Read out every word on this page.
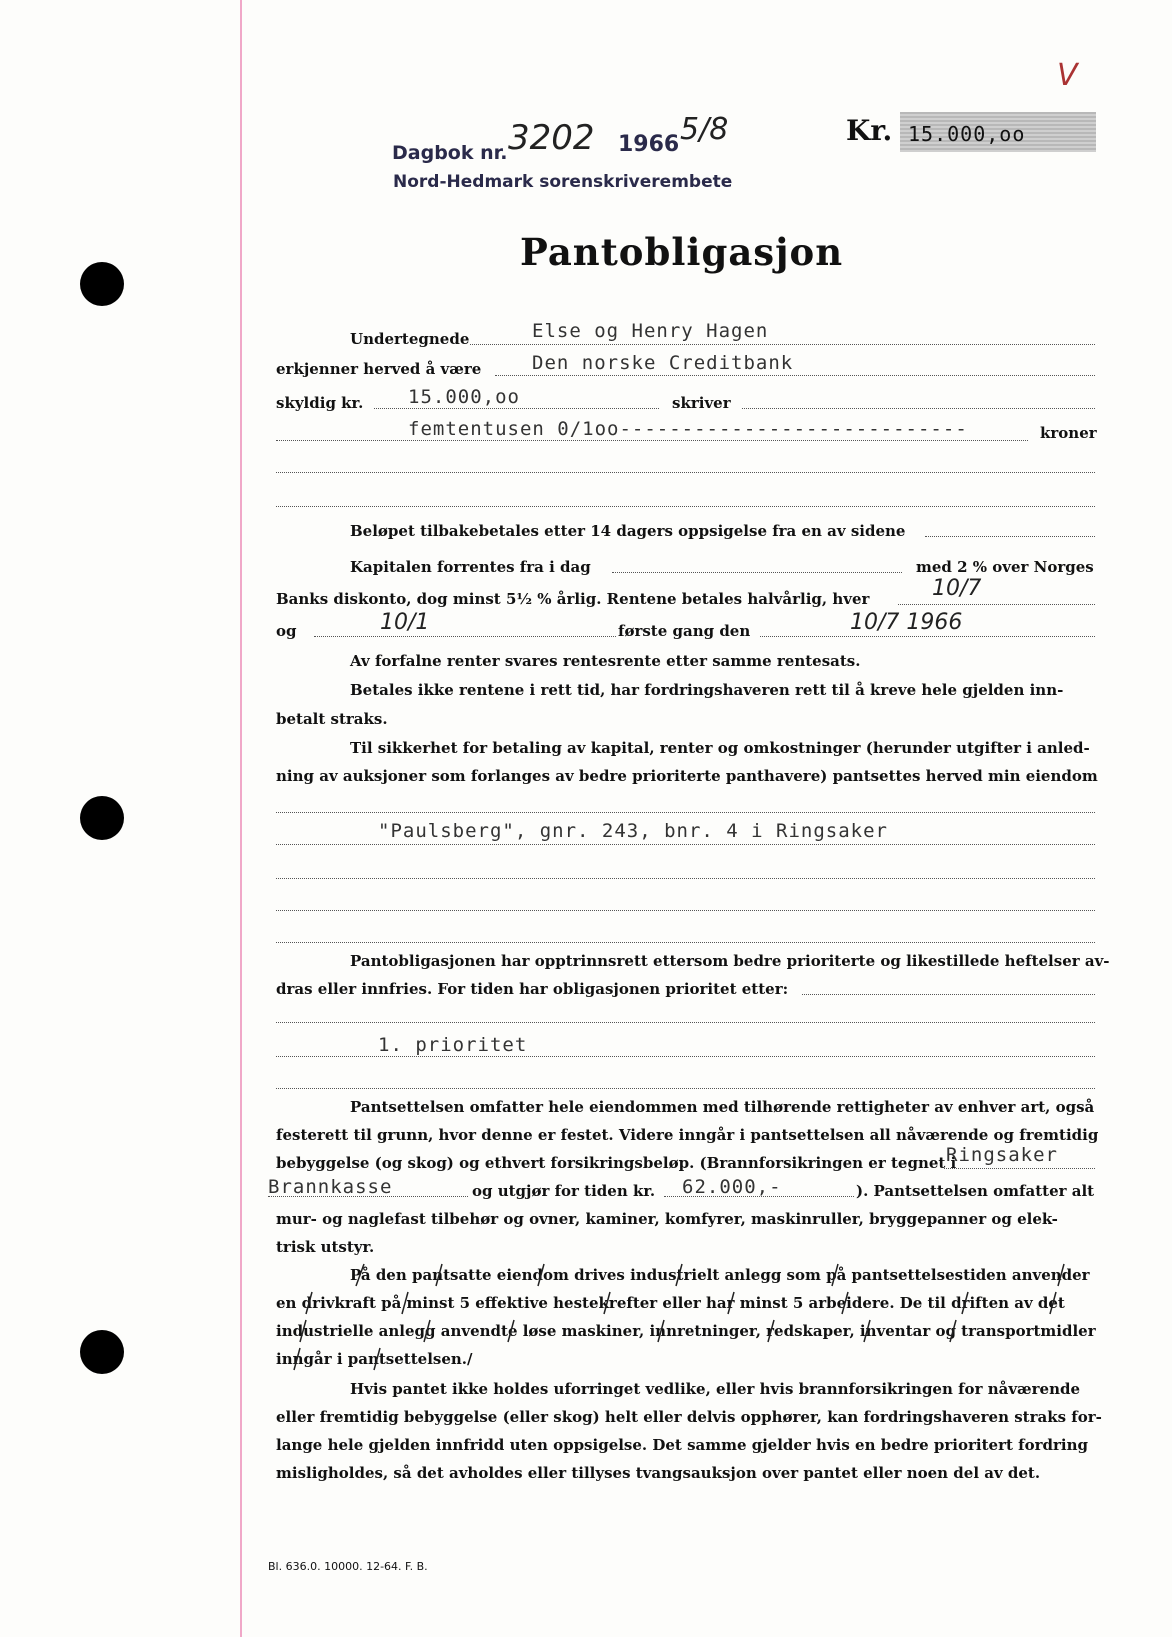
V
Dagbok nr. 3202 1966 5/8
Nord-Hedmark sorenskriverembete
Kr. 15.000,oo
Pantobligasjon
Undertegnede	Else og Henry Hagen
erkjenner herved å være	Den norske Creditbank
skyldig kr. 15.000,oo	skriver
femtentusen 0/1oo----------------------------	kroner
Beløpet tilbakebetales etter 14 dagers oppsigelse fra en av sidene
Kapitalen forrentes fra i dag	med 2 % over Norges
Banks diskonto, dog minst 5½ % årlig. Rentene betales halvårlig, hver	10/7
og	10/1	første gang den	10/7 1966
Av forfalne renter svares rentesrente etter samme rentesats.
Betales ikke rentene i rett tid, har fordringshaveren rett til å kreve hele gjelden inn-
betalt straks.
Til sikkerhet for betaling av kapital, renter og omkostninger (herunder utgifter i anled-
ning av auksjoner som forlanges av bedre prioriterte panthavere) pantsettes herved min eiendom
"Paulsberg", gnr. 243, bnr. 4 i Ringsaker
Pantobligasjonen har opptrinnsrett ettersom bedre prioriterte og likestillede heftelser av-
dras eller innfries. For tiden har obligasjonen prioritet etter:
1. prioritet
Pantsettelsen omfatter hele eiendommen med tilhørende rettigheter av enhver art, også
festerett til grunn, hvor denne er festet. Videre inngår i pantsettelsen all nåværende og fremtidig
bebyggelse (og skog) og ethvert forsikringsbeløp. (Brannforsikringen er tegnet i
Ringsaker
Brannkasse	og utgjør for tiden kr. 62.000,-	). Pantsettelsen omfatter alt
mur- og naglefast tilbehør og ovner, kaminer, komfyrer, maskinruller, bryggepanner og elek-
trisk utstyr.
På den pantsatte eiendom drives industrielt anlegg som på pantsettelsestiden anvender
en drivkraft på minst 5 effektive hestekrefter eller har minst 5 arbeidere. De til driften av det
industrielle anlegg anvendte løse maskiner, innretninger, redskaper, inventar og transportmidler
inngår i pantsettelsen./
Hvis pantet ikke holdes uforringet vedlike, eller hvis brannforsikringen for nåværende
eller fremtidig bebyggelse (eller skog) helt eller delvis opphører, kan fordringshaveren straks for-
lange hele gjelden innfridd uten oppsigelse. Det samme gjelder hvis en bedre prioritert fordring
misligholdes, så det avholdes eller tillyses tvangsauksjon over pantet eller noen del av det.
Bl. 636.0. 10000. 12-64. F. B.
